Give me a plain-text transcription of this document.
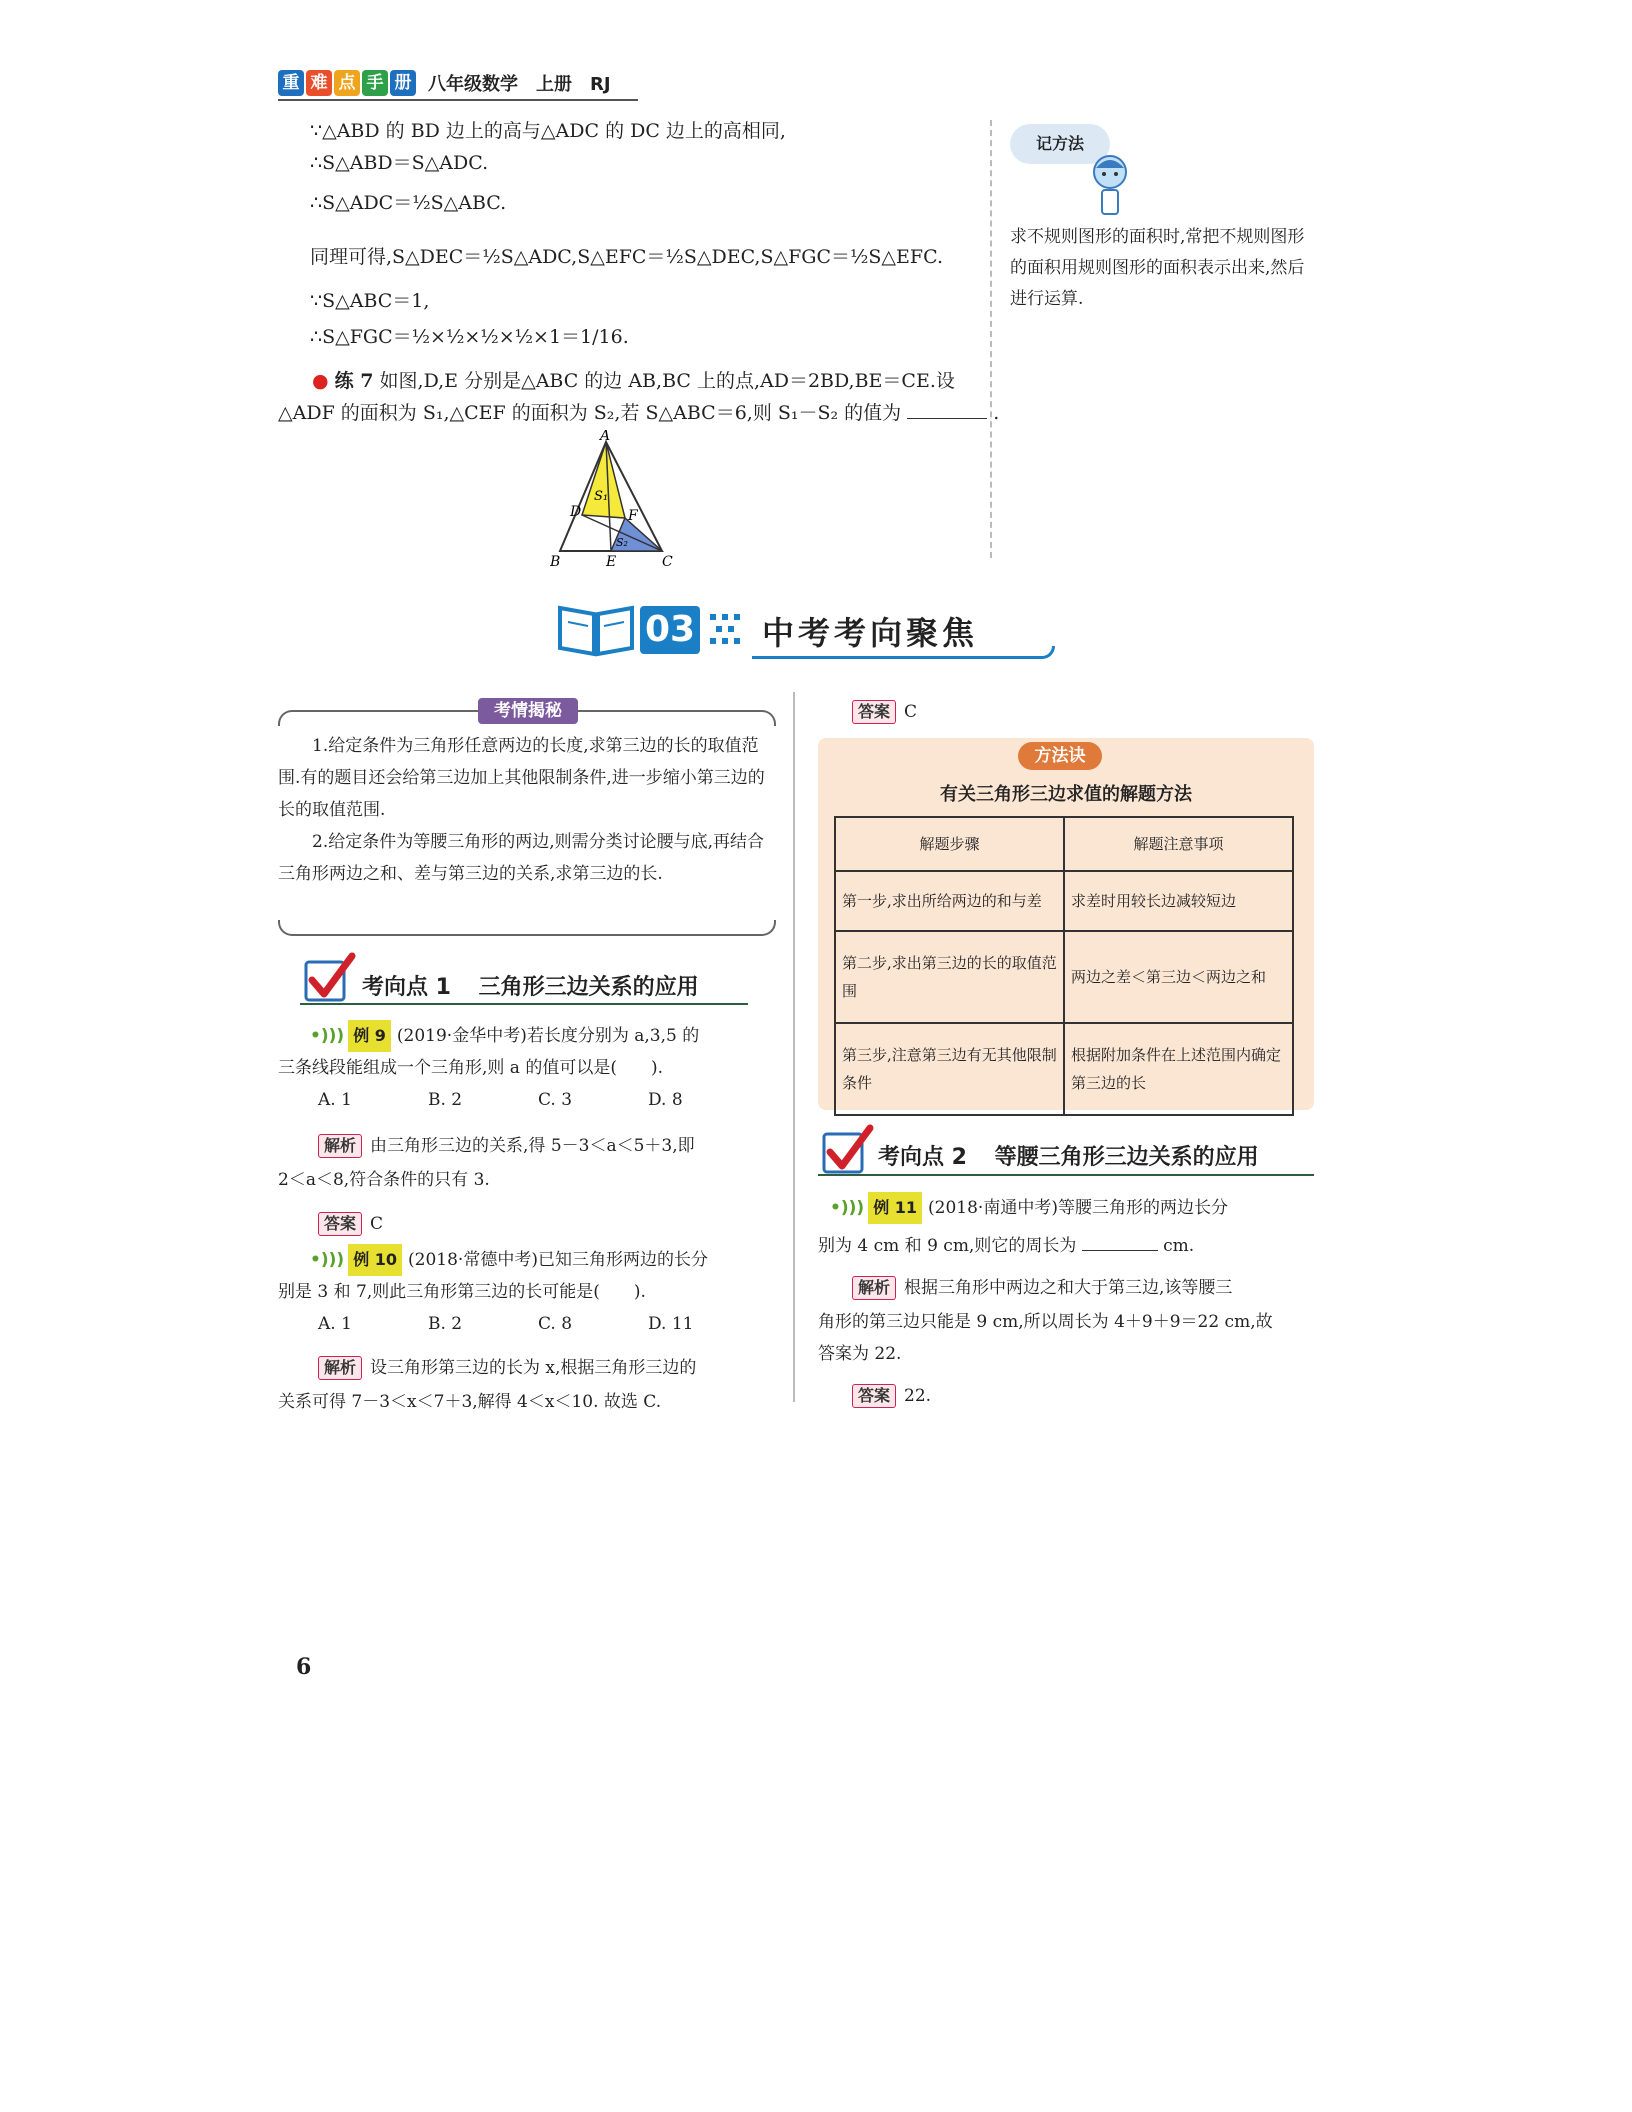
重 难 点 手 册 八年级数学　上册　RJ
∵△ABD 的 BD 边上的高与△ADC 的 DC 边上的高相同,
∴S△ABD＝S△ADC.
∴S△ADC＝½S△ABC.
同理可得,S△DEC＝½S△ADC,S△EFC＝½S△DEC,S△FGC＝½S△EFC.
∵S△ABC＝1,
∴S△FGC＝½×½×½×½×1＝1/16.
● 练 7 如图,D,E 分别是△ABC 的边 AB,BC 上的点,AD＝2BD,BE＝CE.设
△ADF 的面积为 S₁,△CEF 的面积为 S₂,若 S△ABC＝6,则 S₁－S₂ 的值为	.
A
B	C
D
E
F
S₁
S₂
记方法
求不规则图形的面积时,常把不规则图形的面积用规则图形的面积表示出来,然后进行运算.
03 中考考向聚焦
考情揭秘
1.给定条件为三角形任意两边的长度,求第三边的长的取值范围.有的题目还会给第三边加上其他限制条件,进一步缩小第三边的长的取值范围.
2.给定条件为等腰三角形的两边,则需分类讨论腰与底,再结合三角形两边之和、差与第三边的关系,求第三边的长.
考向点 1 三角形三边关系的应用
•))) 例 9 (2019·金华中考)若长度分别为 a,3,5 的
三条线段能组成一个三角形,则 a 的值可以是(　　).
A. 1	B. 2	C. 3	D. 8
解析 由三角形三边的关系,得 5－3＜a＜5＋3,即
2＜a＜8,符合条件的只有 3.
答案 C
•))) 例 10 (2018·常德中考)已知三角形两边的长分
别是 3 和 7,则此三角形第三边的长可能是(　　).
A. 1	B. 2	C. 8	D. 11
解析 设三角形第三边的长为 x,根据三角形三边的
关系可得 7－3＜x＜7＋3,解得 4＜x＜10. 故选 C.
答案 C
方法诀
有关三角形三边求值的解题方法
解题步骤	解题注意事项
第一步,求出所给两边的和与差	求差时用较长边减较短边
第二步,求出第三边的长的取值范围	两边之差＜第三边＜两边之和
第三步,注意第三边有无其他限制条件	根据附加条件在上述范围内确定第三边的长
考向点 2 等腰三角形三边关系的应用
•))) 例 11 (2018·南通中考)等腰三角形的两边长分
别为 4 cm 和 9 cm,则它的周长为	cm.
解析 根据三角形中两边之和大于第三边,该等腰三
角形的第三边只能是 9 cm,所以周长为 4＋9＋9＝22 cm,故
答案为 22.
答案 22.
6
